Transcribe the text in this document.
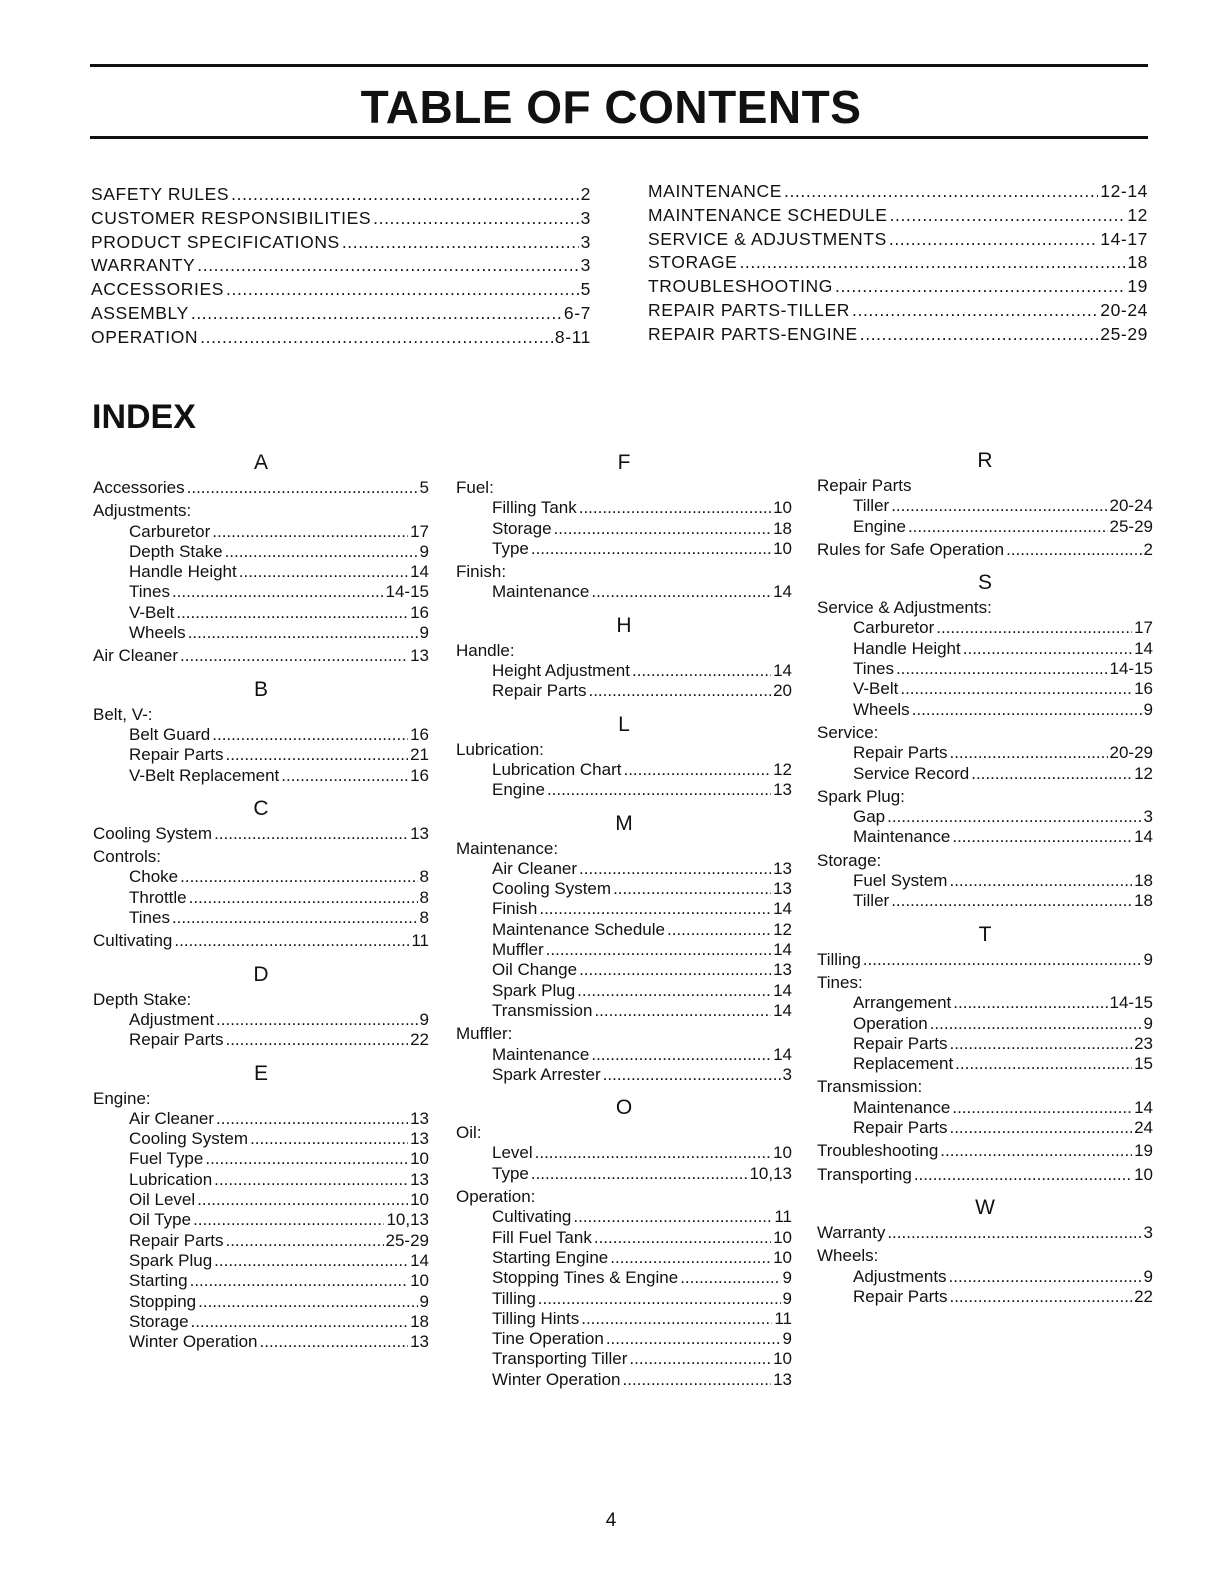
TABLE OF CONTENTS
SAFETY RULES .....	2
CUSTOMER RESPONSIBILITIES .....	3
PRODUCT SPECIFICATIONS .....	3
WARRANTY .....	3
ACCESSORIES .....	5
ASSEMBLY .....	6-7
OPERATION .....	8-11
MAINTENANCE .....	12-14
MAINTENANCE SCHEDULE .....	12
SERVICE & ADJUSTMENTS .....	14-17
STORAGE .....	18
TROUBLESHOOTING .....	19
REPAIR PARTS-TILLER .....	20-24
REPAIR PARTS-ENGINE .....	25-29
INDEX
A
Accessories .....	5
Adjustments:
Carburetor .....	17
Depth Stake .....	9
Handle Height .....	14
Tines .....	14-15
V-Belt .....	16
Wheels .....	9
Air Cleaner .....	13
B
Belt, V-:
Belt Guard .....	16
Repair Parts .....	21
V-Belt Replacement .....	16
C
Cooling System .....	13
Controls:
Choke .....	8
Throttle .....	8
Tines .....	8
Cultivating .....	11
D
Depth Stake:
Adjustment .....	9
Repair Parts .....	22
E
Engine:
Air Cleaner .....	13
Cooling System .....	13
Fuel Type .....	10
Lubrication .....	13
Oil Level .....	10
Oil Type .....	10,13
Repair Parts .....	25-29
Spark Plug .....	14
Starting .....	10
Stopping .....	9
Storage .....	18
Winter Operation .....	13
F
Fuel:
Filling Tank .....	10
Storage .....	18
Type .....	10
Finish:
Maintenance .....	14
H
Handle:
Height Adjustment .....	14
Repair Parts .....	20
L
Lubrication:
Lubrication Chart .....	12
Engine .....	13
M
Maintenance:
Air Cleaner .....	13
Cooling System .....	13
Finish .....	14
Maintenance Schedule .....	12
Muffler .....	14
Oil Change .....	13
Spark Plug .....	14
Transmission .....	14
Muffler:
Maintenance .....	14
Spark Arrester .....	3
O
Oil:
Level .....	10
Type .....	10,13
Operation:
Cultivating .....	11
Fill Fuel Tank .....	10
Starting Engine .....	10
Stopping Tines & Engine .....	9
Tilling .....	9
Tilling Hints .....	11
Tine Operation .....	9
Transporting Tiller .....	10
Winter Operation .....	13
R
Repair Parts
Tiller .....	20-24
Engine .....	25-29
Rules for Safe Operation .....	2
S
Service & Adjustments:
Carburetor .....	17
Handle Height .....	14
Tines .....	14-15
V-Belt .....	16
Wheels .....	9
Service:
Repair Parts .....	20-29
Service Record .....	12
Spark Plug:
Gap .....	3
Maintenance .....	14
Storage:
Fuel System .....	18
Tiller .....	18
T
Tilling .....	9
Tines:
Arrangement .....	14-15
Operation .....	9
Repair Parts .....	23
Replacement .....	15
Transmission:
Maintenance .....	14
Repair Parts .....	24
Troubleshooting .....	19
Transporting .....	10
W
Warranty .....	3
Wheels:
Adjustments .....	9
Repair Parts .....	22
4
